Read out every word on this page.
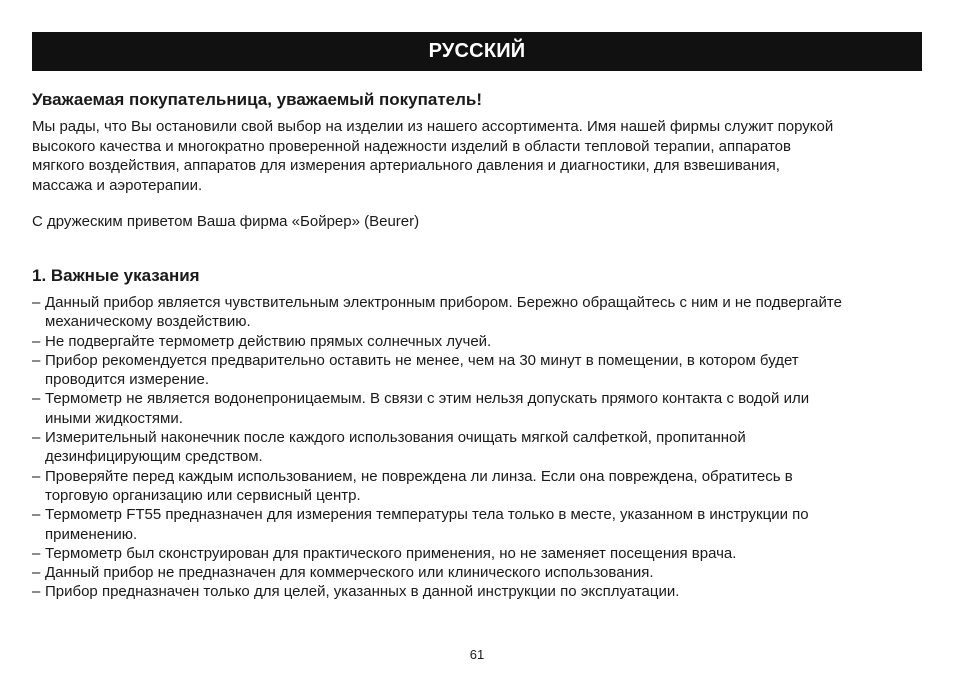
РУССКИЙ
Уважаемая покупательница, уважаемый покупатель!
Мы рады, что Вы остановили свой выбор на изделии из нашего ассортимента. Имя нашей фирмы служит порукой
высокого качества и многократно проверенной надежности изделий в области тепловой терапии, аппаратов
мягкого воздействия, аппаратов для измерения артериального давления и диагностики, для взвешивания,
массажа и аэротерапии.
С дружеским приветом Ваша фирма «Бойрер» (Beurer)
1. Важные указания
– Данный прибор является чувствительным электронным прибором. Бережно обращайтесь с ним и не подвергайте
механическому воздействию.
– Не подвергайте термометр действию прямых солнечных лучей.
– Прибор рекомендуется предварительно оставить не менее, чем на 30 минут в помещении, в котором будет
проводится измерение.
– Термометр не является водонепроницаемым. В связи с этим нельзя допускать прямого контакта с водой или
иными жидкостями.
– Измерительный наконечник после каждого использования очищать мягкой салфеткой, пропитанной
дезинфицирующим средством.
– Проверяйте перед каждым использованием, не повреждена ли линза. Если она повреждена, обратитесь в
торговую организацию или сервисный центр.
– Термометр FT55 предназначен для измерения температуры тела только в месте, указанном в инструкции по
применению.
– Термометр был сконструирован для практического применения, но не заменяет посещения врача.
– Данный прибор не предназначен для коммерческого или клинического использования.
– Прибор предназначен только для целей, указанных в данной инструкции по эксплуатации.
61
